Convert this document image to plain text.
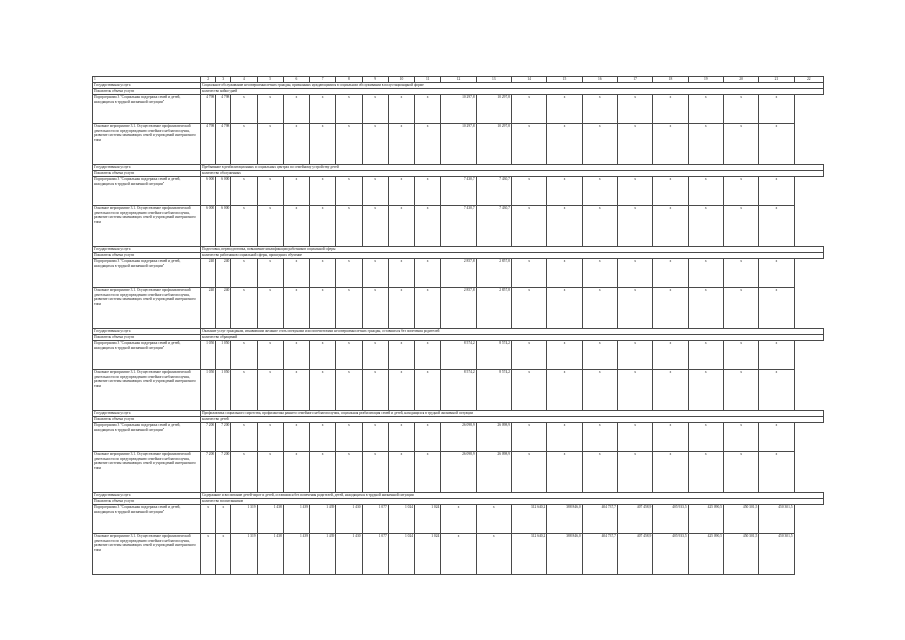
1	2	3	4	5	6	7	8	9	10	11	12	13	14	15	16	17	18	19	20	21	22
Государственная услуга	Социальное обслуживание несовершеннолетних граждан, признанных нуждающимися в социальном обслуживании в полустационарной форме																				
Показатель объема услуги	количество койко-дней																				
Подпрограмма 3 "Социальная поддержка семей и детей, находящихся в трудной жизненной ситуации"	4 798	4 798	x	x	x	x	x	x	x	x	10 297,8	10 297,8	x	x	x	x	x	x	x	x	
Основное мероприятие 3.1. Осуществление профилактической деятельности по предупреждению семейного неблагополучия, развитие системы заменяющих семей и учреждений интернатного типа	4 798	4 798	x	x	x	x	x	x	x	x	10 297,8	10 297,8	x	x	x	x	x	x	x	x	
Государственная услуга	Пребывание в реабилитационных и социальных центрах по семейному устройству детей																				
Показатель объема услуги	количество обслуженных																				
Подпрограмма 3 "Социальная поддержка семей и детей, находящихся в трудной жизненной ситуации"	6 000	6 000	x	x	x	x	x	x	x	x	7 430,7	7 430,7	x	x	x	x	x	x	x	x	
Основное мероприятие 3.1. Осуществление профилактической деятельности по предупреждению семейного неблагополучия, развитие системы заменяющих семей и учреждений интернатного типа	6 000	6 000	x	x	x	x	x	x	x	x	7 430,7	7 430,7	x	x	x	x	x	x	x	x	
Государственная услуга	Подготовка, переподготовка, повышение квалификации работников социальной сферы																				
Показатель объема услуги	количество работников социальной сферы, прошедших обучение																				
Подпрограмма 3 "Социальная поддержка семей и детей, находящихся в трудной жизненной ситуации"	240	240	x	x	x	x	x	x	x	x	2 857,8	2 857,8	x	x	x	x	x	x	x	x	
Основное мероприятие 3.1. Осуществление профилактической деятельности по предупреждению семейного неблагополучия, развитие системы заменяющих семей и учреждений интернатного типа	240	240	x	x	x	x	x	x	x	x	2 857,8	2 857,8	x	x	x	x	x	x	x	x	
Государственная услуга	Оказание услуг гражданам, изъявившим желание стать опекунами или попечителями несовершеннолетних граждан, оставшихся без попечения родителей																				
Показатель объема услуги	количество обращений																				
Подпрограмма 3 "Социальная поддержка семей и детей, находящихся в трудной жизненной ситуации"	1 050	1 050	x	x	x	x	x	x	x	x	8 574,2	8 574,2	x	x	x	x	x	x	x	x	
Основное мероприятие 3.1. Осуществление профилактической деятельности по предупреждению семейного неблагополучия, развитие системы заменяющих семей и учреждений интернатного типа	1 050	1 050	x	x	x	x	x	x	x	x	8 574,2	8 574,2	x	x	x	x	x	x	x	x	
Государственная услуга	Профилактика социального сиротства, профилактика раннего семейного неблагополучия, социальная реабилитация семей и детей, находящихся в трудной жизненной ситуации																				
Показатель объема услуги	количество детей																				
Подпрограмма 3 "Социальная поддержка семей и детей, находящихся в трудной жизненной ситуации"	7 200	7 200	x	x	x	x	x	x	x	x	26 098,9	26 098,9	x	x	x	x	x	x	x	x	
Основное мероприятие 3.1. Осуществление профилактической деятельности по предупреждению семейного неблагополучия, развитие системы заменяющих семей и учреждений интернатного типа	7 200	7 200	x	x	x	x	x	x	x	x	26 098,9	26 098,9	x	x	x	x	x	x	x	x	
Государственная услуга	Содержание и воспитание детей-сирот и детей, оставшихся без попечения родителей, детей, находящихся в трудной жизненной ситуации																				
Показатель объема услуги	количество воспитанников																				
Подпрограмма 3 "Социальная поддержка семей и детей, находящихся в трудной жизненной ситуации"	x	x	1 319	1 438	1 439	1 439	1 430	1 077	1 024	1 024	x	x	312 640,2	388 846,0	404 737,7	407 458,9	405 933,5	425 090,5	450 301,5	450 301,5	
Основное мероприятие 3.1. Осуществление профилактической деятельности по предупреждению семейного неблагополучия, развитие системы заменяющих семей и учреждений интернатного типа	x	x	1 319	1 438	1 439	1 439	1 430	1 077	1 024	1 024	x	x	312 640,2	388 846,0	404 737,7	407 458,9	405 933,5	425 090,5	450 301,5	450 301,5	
